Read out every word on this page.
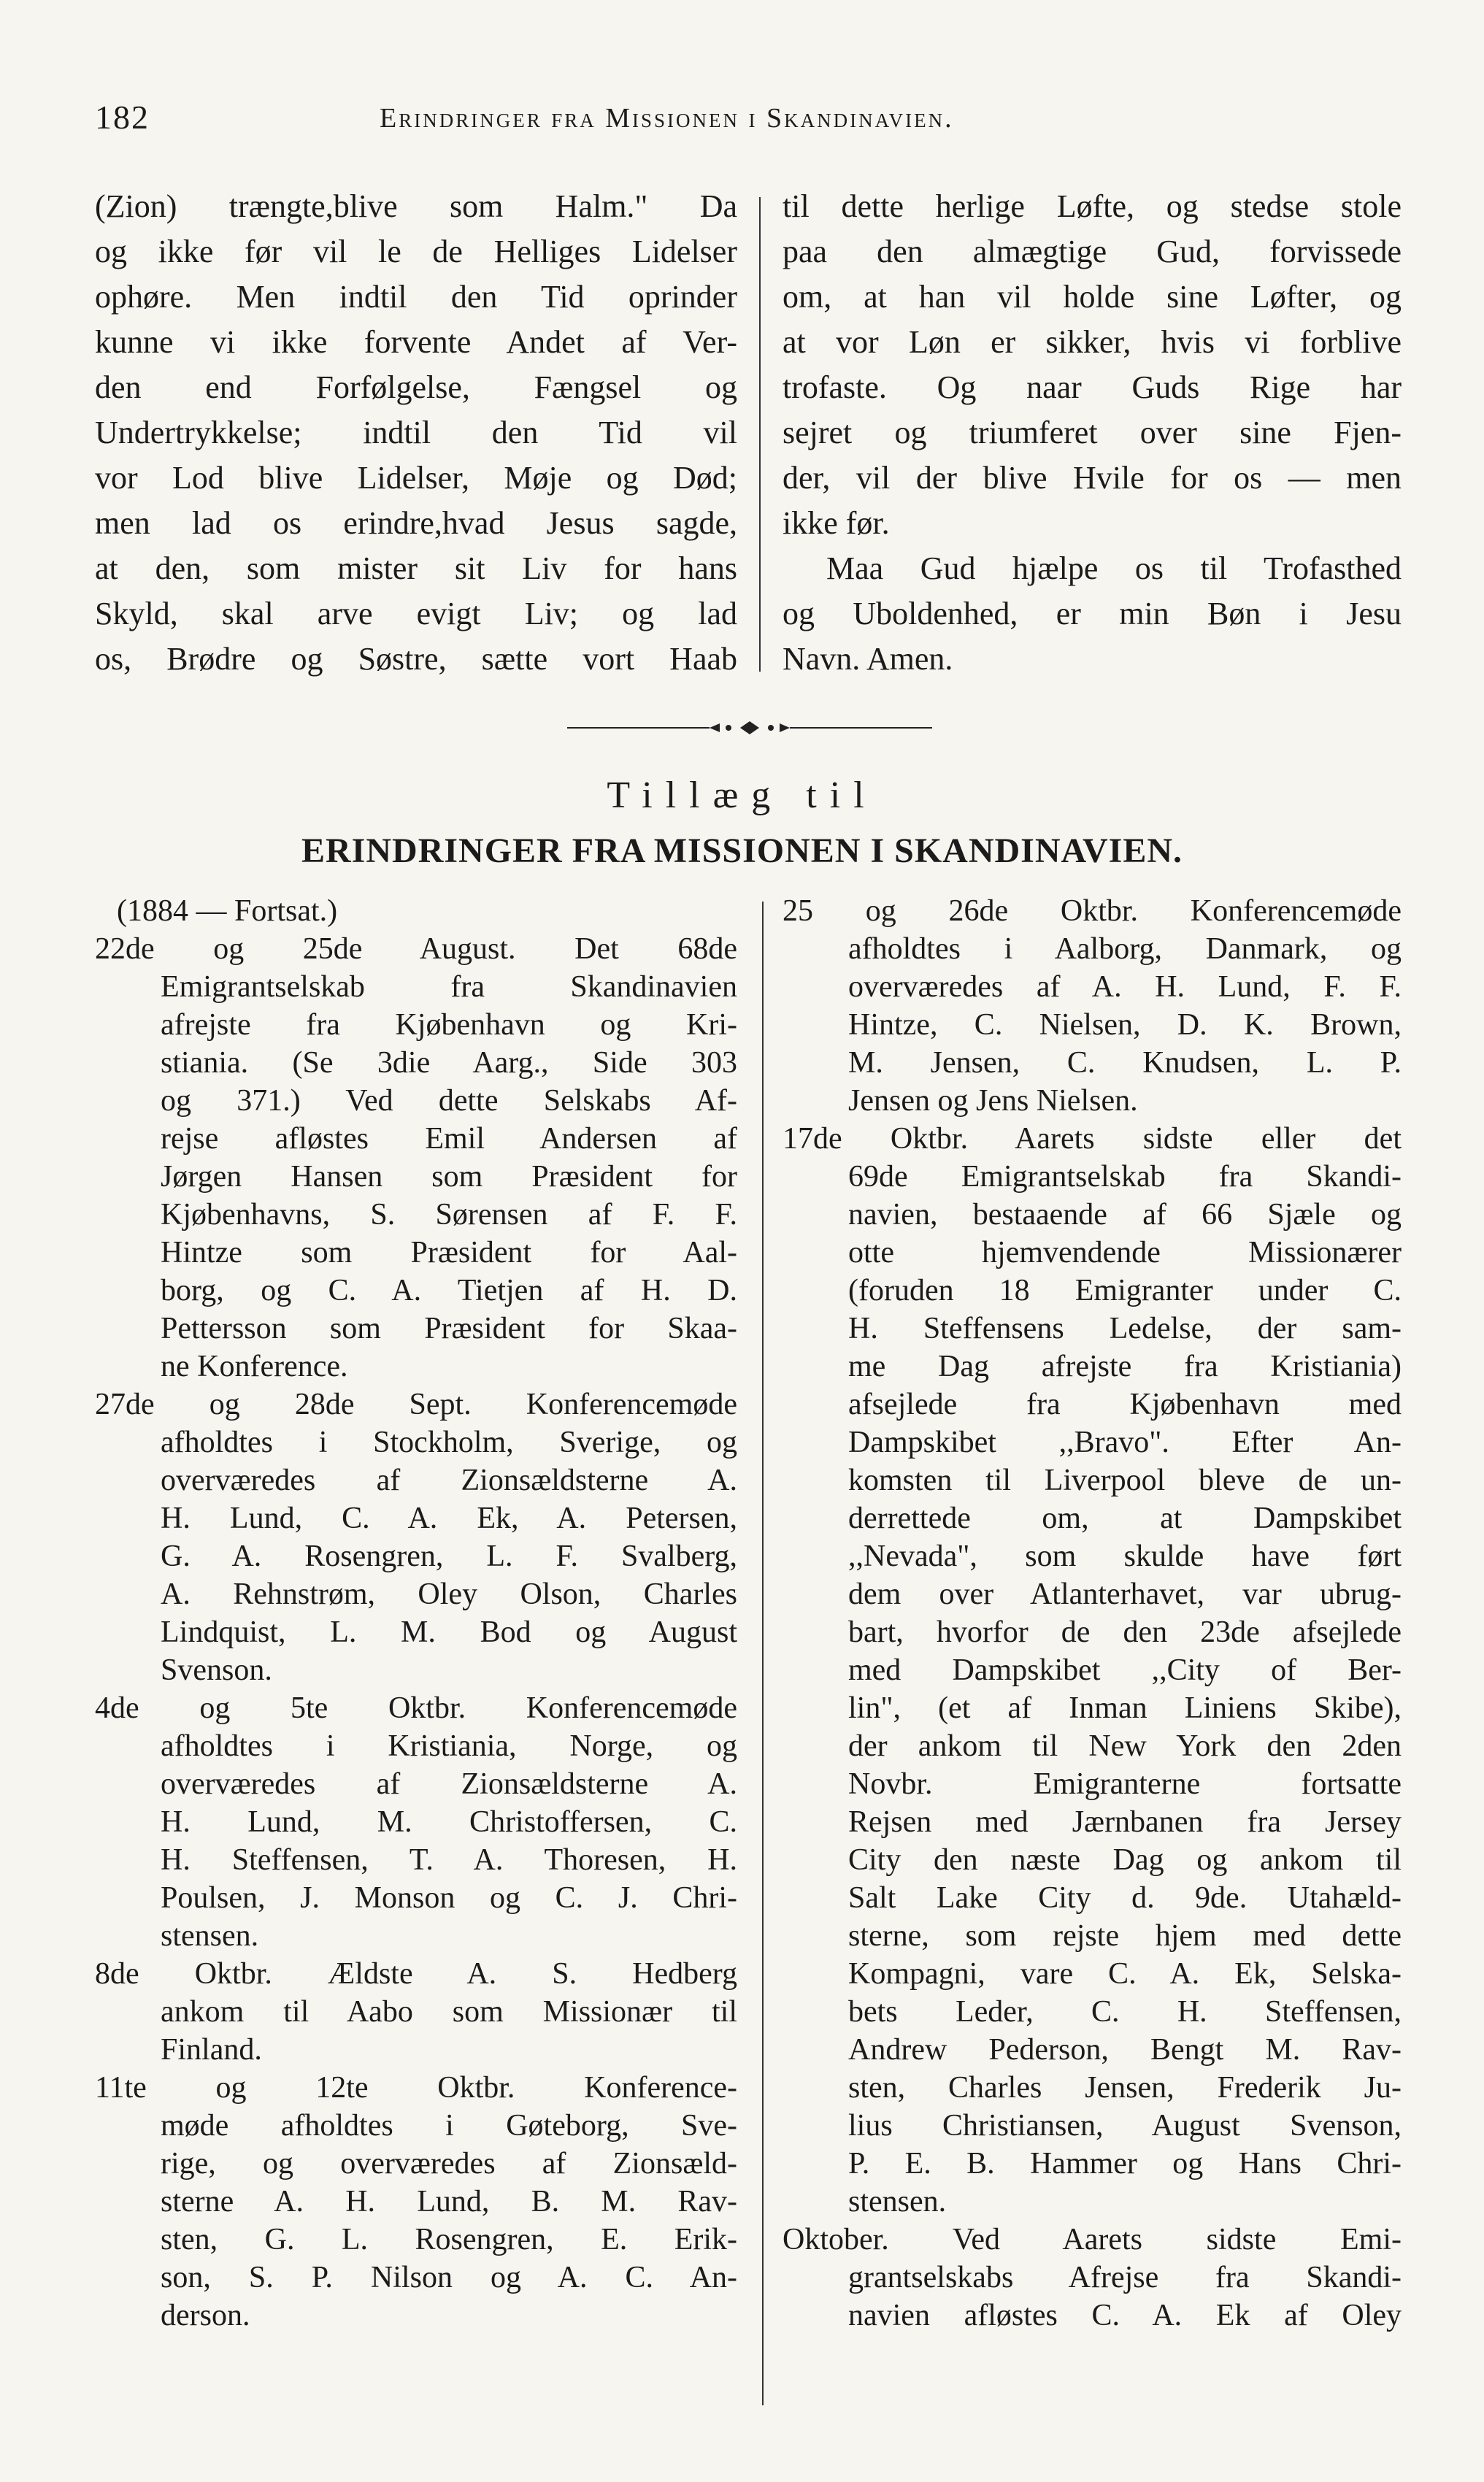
182	Erindringer fra Missionen i Skandinavien.
(Zion) trængte,blive som Halm." Da
og ikke før vil le de Helliges Lidelser
ophøre. Men indtil den Tid oprinder
kunne vi ikke forvente Andet af Ver-
den end Forfølgelse, Fængsel og
Undertrykkelse; indtil den Tid vil
vor Lod blive Lidelser, Møje og Død;
men lad os erindre,hvad Jesus sagde,
at den, som mister sit Liv for hans
Skyld, skal arve evigt Liv; og lad
os, Brødre og Søstre, sætte vort Haab
til dette herlige Løfte, og stedse stole
paa den almægtige Gud, forvissede
om, at han vil holde sine Løfter, og
at vor Løn er sikker, hvis vi forblive
trofaste. Og naar Guds Rige har
sejret og triumferet over sine Fjen-
der, vil der blive Hvile for os — men
ikke før.
Maa Gud hjælpe os til Trofasthed
og Uboldenhed, er min Bøn i Jesu
Navn. Amen.
Tillæg til
ERINDRINGER FRA MISSIONEN I SKANDINAVIEN.
(1884 — Fortsat.)
22de og 25de August. Det 68de
Emigrantselskab fra Skandinavien
afrejste fra Kjøbenhavn og Kri-
stiania. (Se 3die Aarg., Side 303
og 371.) Ved dette Selskabs Af-
rejse afløstes Emil Andersen af
Jørgen Hansen som Præsident for
Kjøbenhavns, S. Sørensen af F. F.
Hintze som Præsident for Aal-
borg, og C. A. Tietjen af H. D.
Pettersson som Præsident for Skaa-
ne Konference.
27de og 28de Sept. Konferencemøde
afholdtes i Stockholm, Sverige, og
overværedes af Zionsældsterne A.
H. Lund, C. A. Ek, A. Petersen,
G. A. Rosengren, L. F. Svalberg,
A. Rehnstrøm, Oley Olson, Charles
Lindquist, L. M. Bod og August
Svenson.
4de og 5te Oktbr. Konferencemøde
afholdtes i Kristiania, Norge, og
overværedes af Zionsældsterne A.
H. Lund, M. Christoffersen, C.
H. Steffensen, T. A. Thoresen, H.
Poulsen, J. Monson og C. J. Chri-
stensen.
8de Oktbr. Ældste A. S. Hedberg
ankom til Aabo som Missionær til
Finland.
11te og 12te Oktbr. Konference-
møde afholdtes i Gøteborg, Sve-
rige, og overværedes af Zionsæld-
sterne A. H. Lund, B. M. Rav-
sten, G. L. Rosengren, E. Erik-
son, S. P. Nilson og A. C. An-
derson.
25 og 26de Oktbr. Konferencemøde
afholdtes i Aalborg, Danmark, og
overværedes af A. H. Lund, F. F.
Hintze, C. Nielsen, D. K. Brown,
M. Jensen, C. Knudsen, L. P.
Jensen og Jens Nielsen.
17de Oktbr. Aarets sidste eller det
69de Emigrantselskab fra Skandi-
navien, bestaaende af 66 Sjæle og
otte hjemvendende Missionærer
(foruden 18 Emigranter under C.
H. Steffensens Ledelse, der sam-
me Dag afrejste fra Kristiania)
afsejlede fra Kjøbenhavn med
Dampskibet ,,Bravo". Efter An-
komsten til Liverpool bleve de un-
derrettede om, at Dampskibet
,,Nevada", som skulde have ført
dem over Atlanterhavet, var ubrug-
bart, hvorfor de den 23de afsejlede
med Dampskibet ,,City of Ber-
lin", (et af Inman Liniens Skibe),
der ankom til New York den 2den
Novbr. Emigranterne fortsatte
Rejsen med Jærnbanen fra Jersey
City den næste Dag og ankom til
Salt Lake City d. 9de. Utahæld-
sterne, som rejste hjem med dette
Kompagni, vare C. A. Ek, Selska-
bets Leder, C. H. Steffensen,
Andrew Pederson, Bengt M. Rav-
sten, Charles Jensen, Frederik Ju-
lius Christiansen, August Svenson,
P. E. B. Hammer og Hans Chri-
stensen.
Oktober. Ved Aarets sidste Emi-
grantselskabs Afrejse fra Skandi-
navien afløstes C. A. Ek af Oley
